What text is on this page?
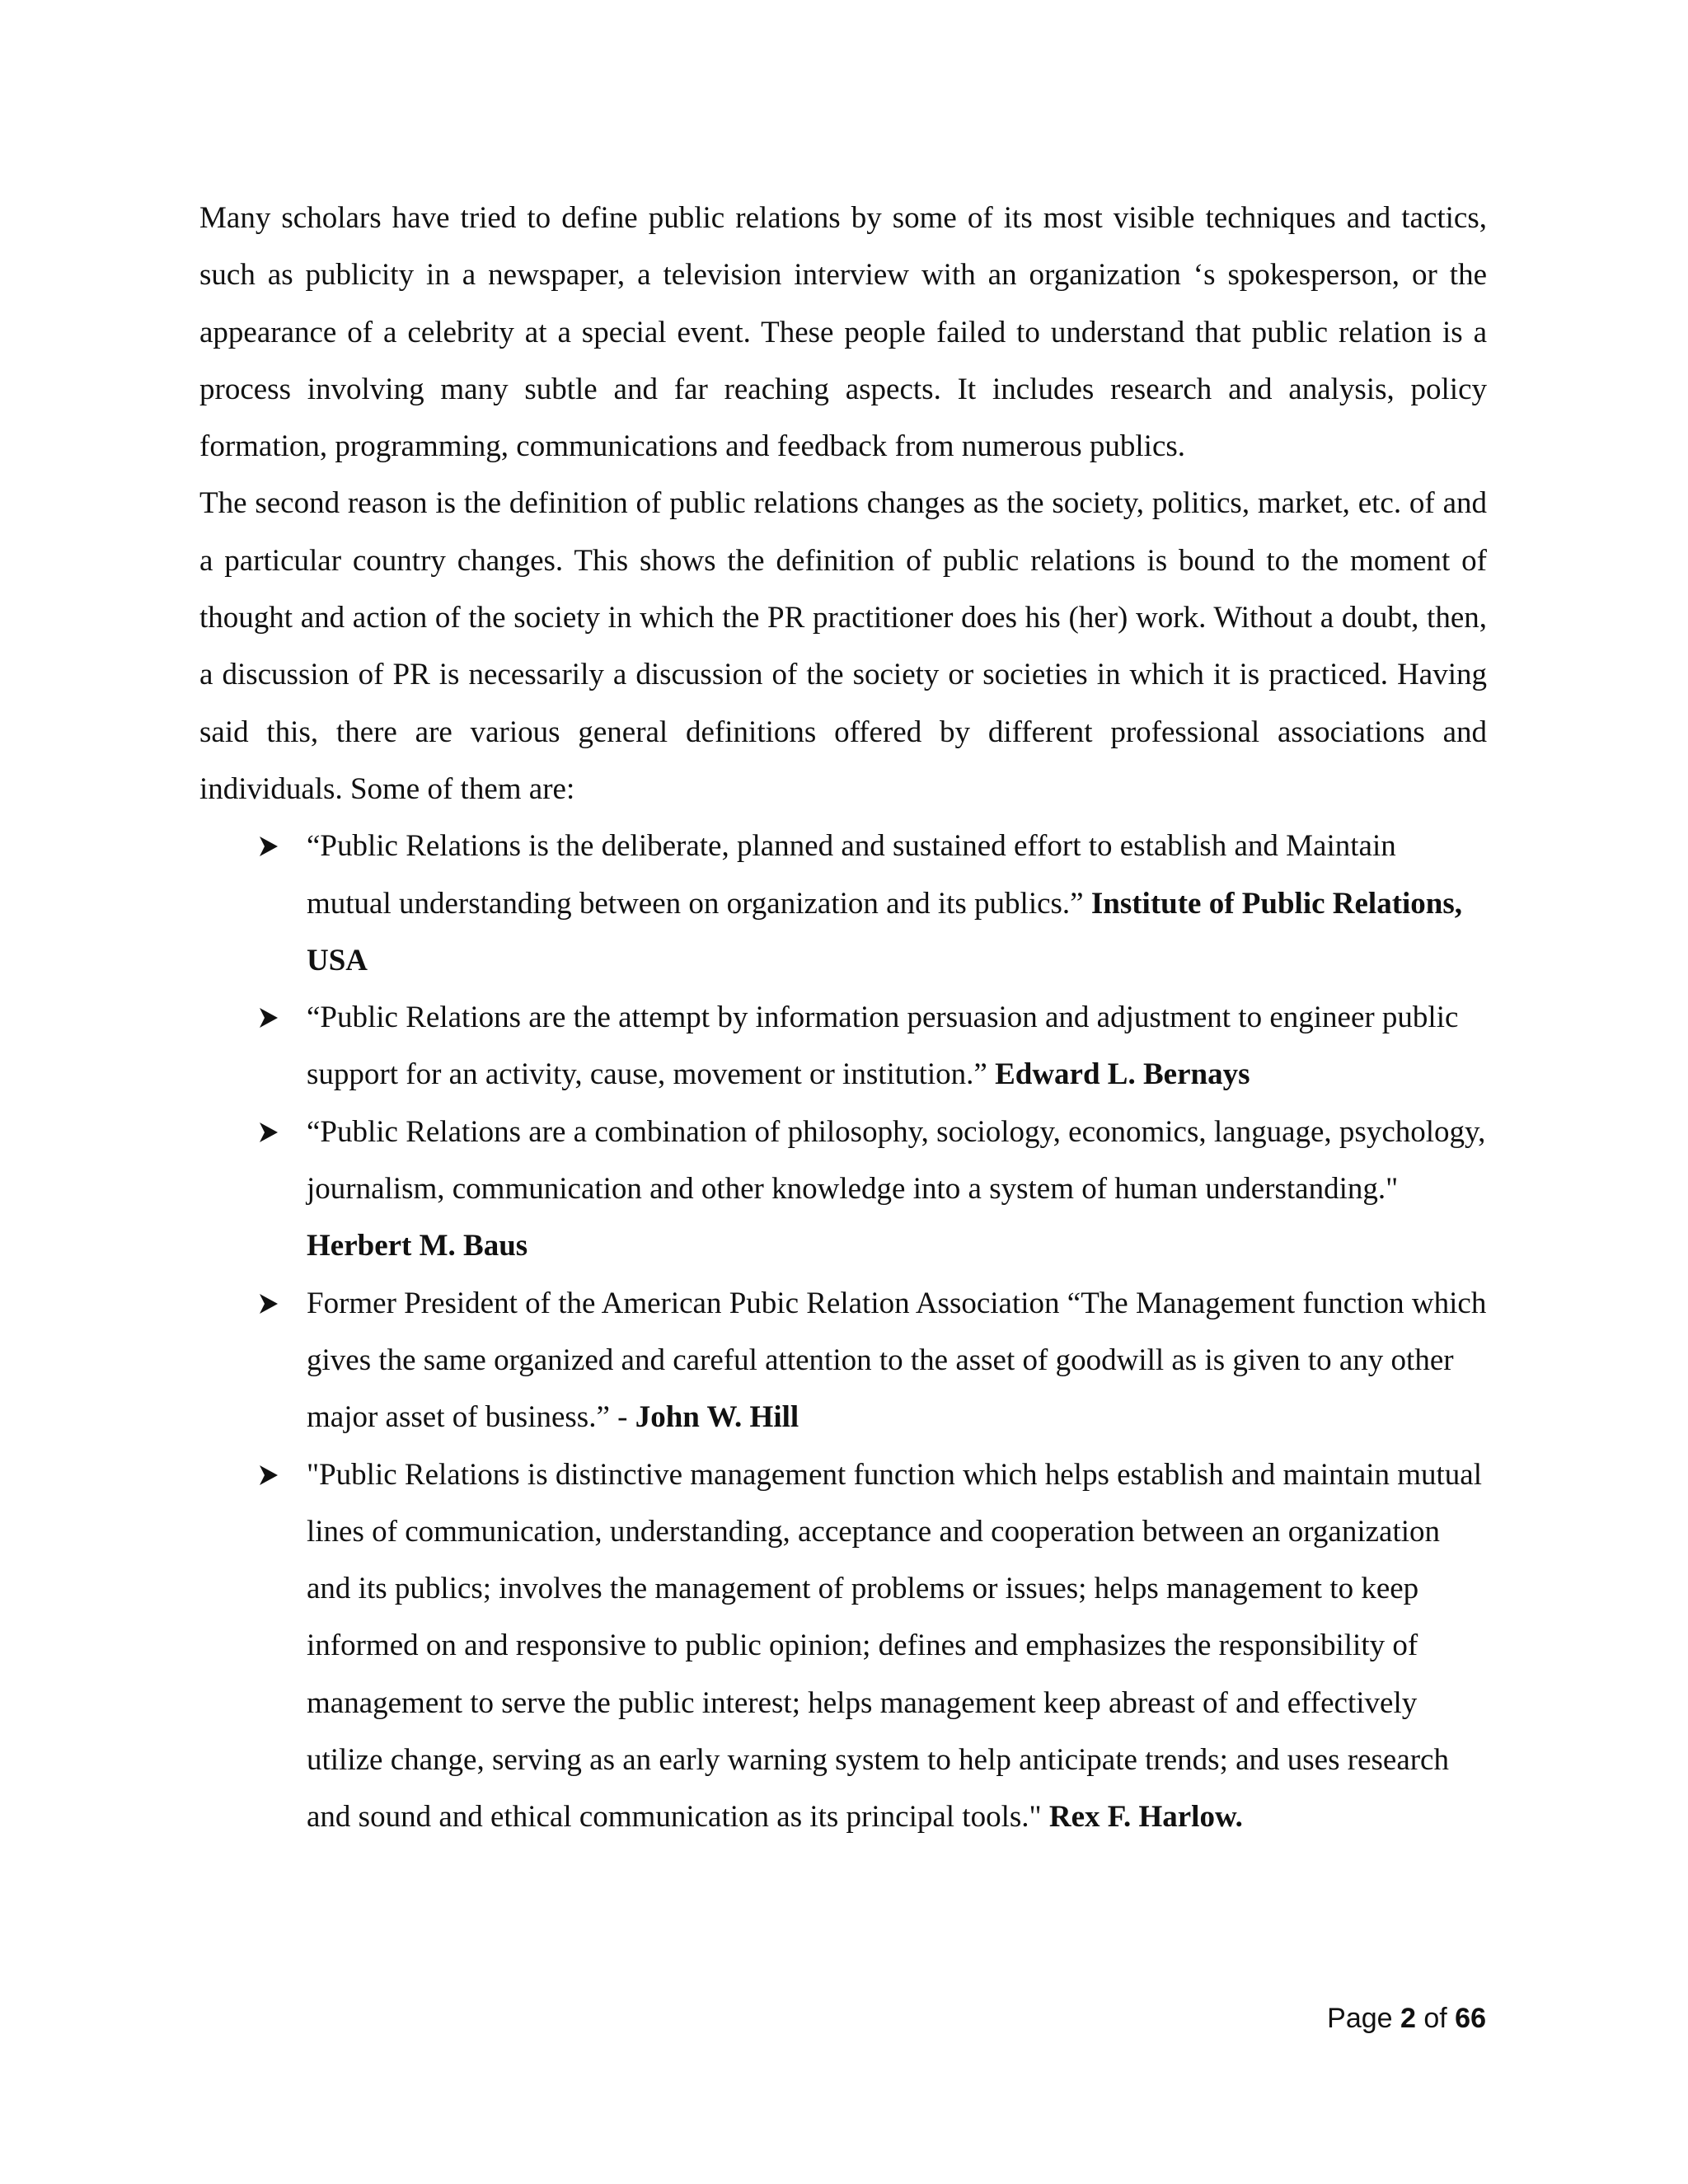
Many scholars have tried to define public relations by some of its most visible techniques and tactics, such as publicity in a newspaper, a television interview with an organization ‘s spokesperson, or the appearance of a celebrity at a special event. These people failed to understand that public relation is a process involving many subtle and far reaching aspects. It includes research and analysis, policy formation, programming, communications and feedback from numerous publics.

The second reason is the definition of public relations changes as the society, politics, market, etc. of and a particular country changes. This shows the definition of public relations is bound to the moment of thought and action of the society in which the PR practitioner does his (her) work. Without a doubt, then, a discussion of PR is necessarily a discussion of the society or societies in which it is practiced. Having said this, there are various general definitions offered by different professional associations and individuals. Some of them are:

“Public Relations is the deliberate, planned and sustained effort to establish and Maintain mutual understanding between on organization and its publics.” Institute of Public Relations, USA
“Public Relations are the attempt by information persuasion and adjustment to engineer public support for an activity, cause, movement or institution.” Edward L. Bernays
“Public Relations are a combination of philosophy, sociology, economics, language, psychology, journalism, communication and other knowledge into a system of human understanding." Herbert M. Baus
Former President of the American Pubic Relation Association “The Management function which gives the same organized and careful attention to the asset of goodwill as is given to any other major asset of business.” - John W. Hill
"Public Relations is distinctive management function which helps establish and maintain mutual lines of communication, understanding, acceptance and cooperation between an organization and its publics; involves the management of problems or issues; helps management to keep informed on and responsive to public opinion; defines and emphasizes the responsibility of management to serve the public interest; helps management keep abreast of and effectively utilize change, serving as an early warning system to help anticipate trends; and uses research and sound and ethical communication as its principal tools." Rex F. Harlow.
Page 2 of 66
